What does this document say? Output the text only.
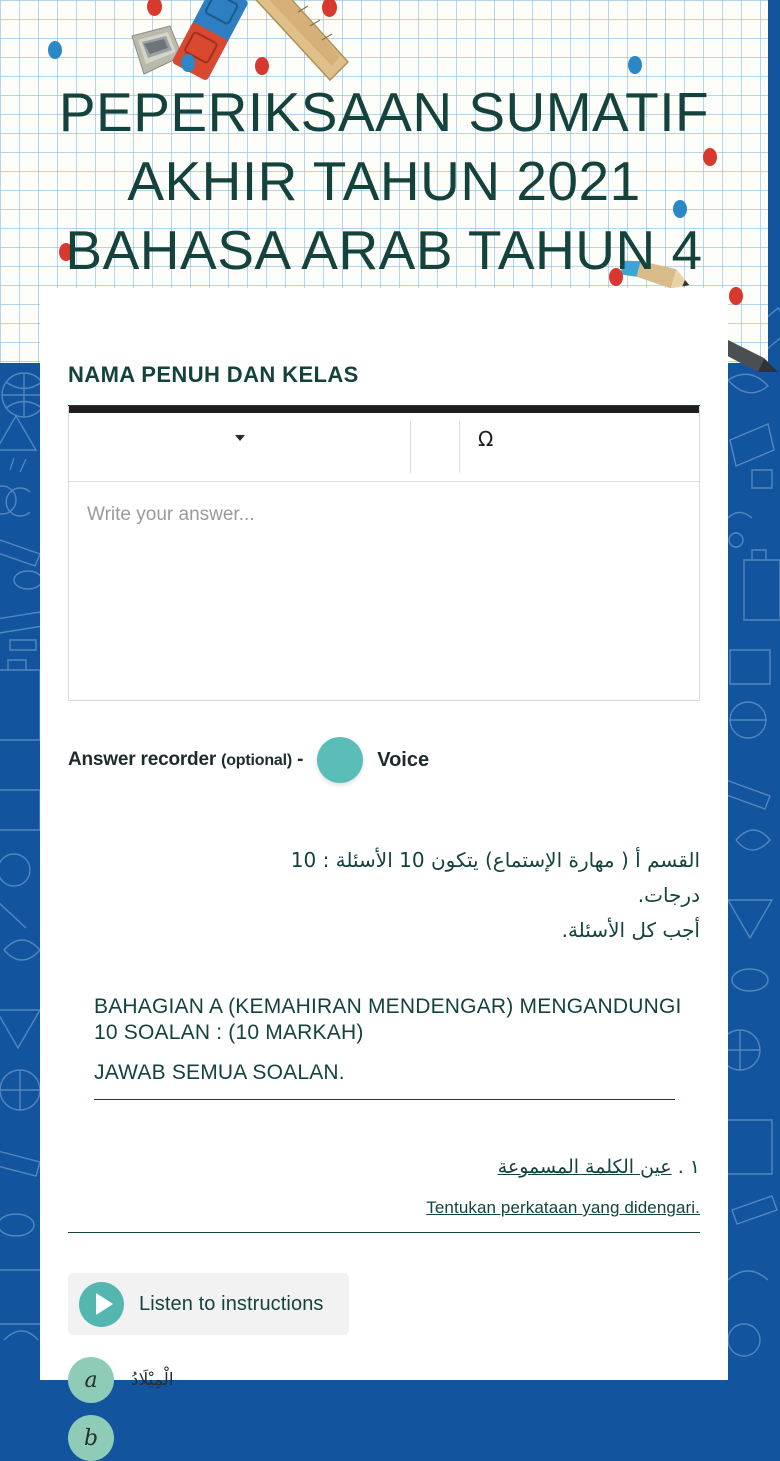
PEPERIKSAAN SUMATIF AKHIR TAHUN 2021 BAHASA ARAB TAHUN 4
NAMA PENUH DAN KELAS
Ω
Write your answer...
Answer recorder (optional) -	Voice
القسم أ ( مهارة الإستماع) يتكون 10 الأسئلة : 10 درجات.
أجب كل الأسئلة.
BAHAGIAN A (KEMAHIRAN MENDENGAR) MENGANDUNGI 10 SOALAN : (10 MARKAH)
JAWAB SEMUA SOALAN.
١ . عين الكلمة المسموعة
Tentukan perkataan yang didengari.
Listen to instructions
a	الْمِيْلَادُ
b
